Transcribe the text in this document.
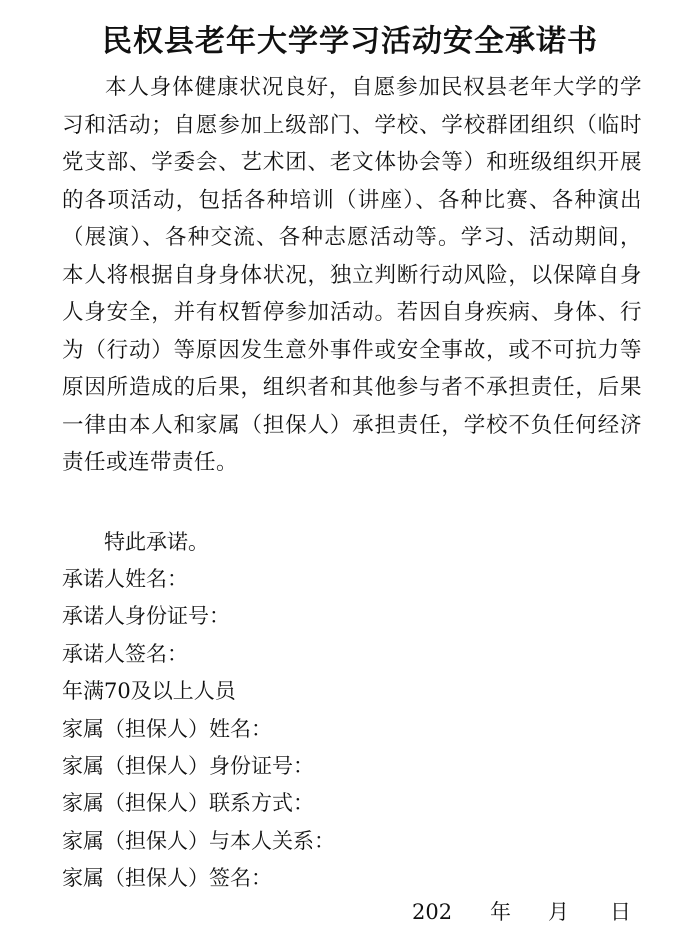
民权县老年大学学习活动安全承诺书

本人身体健康状况良好，自愿参加民权县老年大学的学习和活动；自愿参加上级部门、学校、学校群团组织（临时党支部、学委会、艺术团、老文体协会等）和班级组织开展的各项活动，包括各种培训（讲座）、各种比赛、各种演出（展演）、各种交流、各种志愿活动等。学习、活动期间，本人将根据自身身体状况，独立判断行动风险，以保障自身人身安全，并有权暂停参加活动。若因自身疾病、身体、行为（行动）等原因发生意外事件或安全事故，或不可抗力等原因所造成的后果，组织者和其他参与者不承担责任，后果一律由本人和家属（担保人）承担责任，学校不负任何经济责任或连带责任。

特此承诺。

承诺人姓名：
承诺人身份证号：
承诺人签名：
年满70及以上人员
家属（担保人）姓名：
家属（担保人）身份证号：
家属（担保人）联系方式：
家属（担保人）与本人关系：
家属（担保人）签名：
202 年 月 日
